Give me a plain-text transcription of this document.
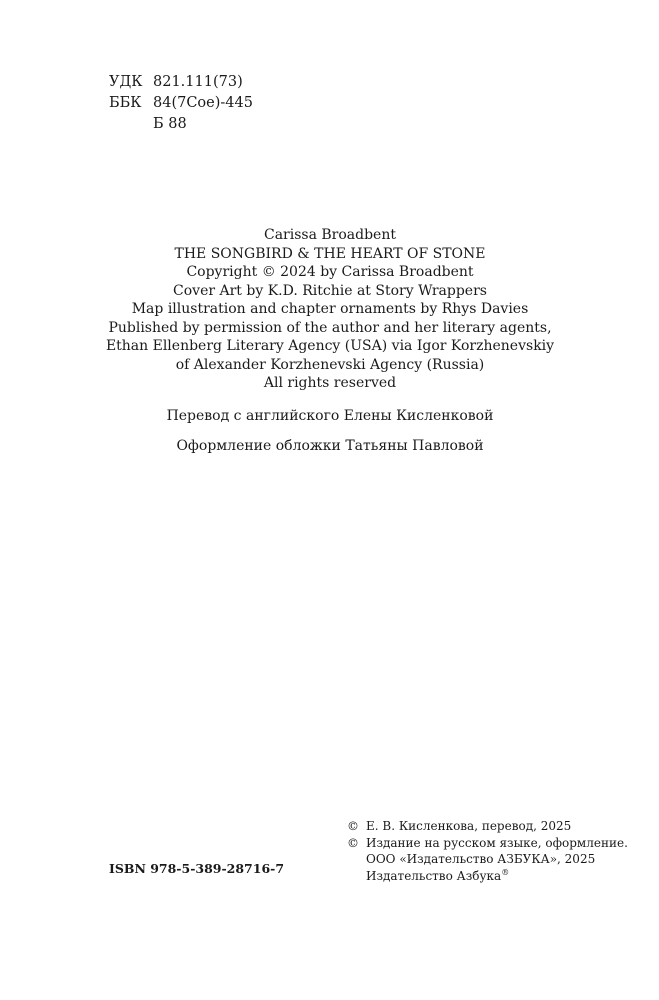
УДК 821.111(73)
ББК 84(7Сое)-445
Б 88
Carissa Broadbent
THE SONGBIRD & THE HEART OF STONE
Copyright © 2024 by Carissa Broadbent
Cover Art by K.D. Ritchie at Story Wrappers
Map illustration and chapter ornaments by Rhys Davies
Published by permission of the author and her literary agents,
Ethan Ellenberg Literary Agency (USA) via Igor Korzhenevskiy
of Alexander Korzhenevski Agency (Russia)
All rights reserved
Перевод с английского Елены Кисленковой
Оформление обложки Татьяны Павловой
ISBN 978-5-389-28716-7
© Е. В. Кисленкова, перевод, 2025
© Издание на русском языке, оформление.
ООО «Издательство АЗБУКА», 2025
Издательство Азбука®
